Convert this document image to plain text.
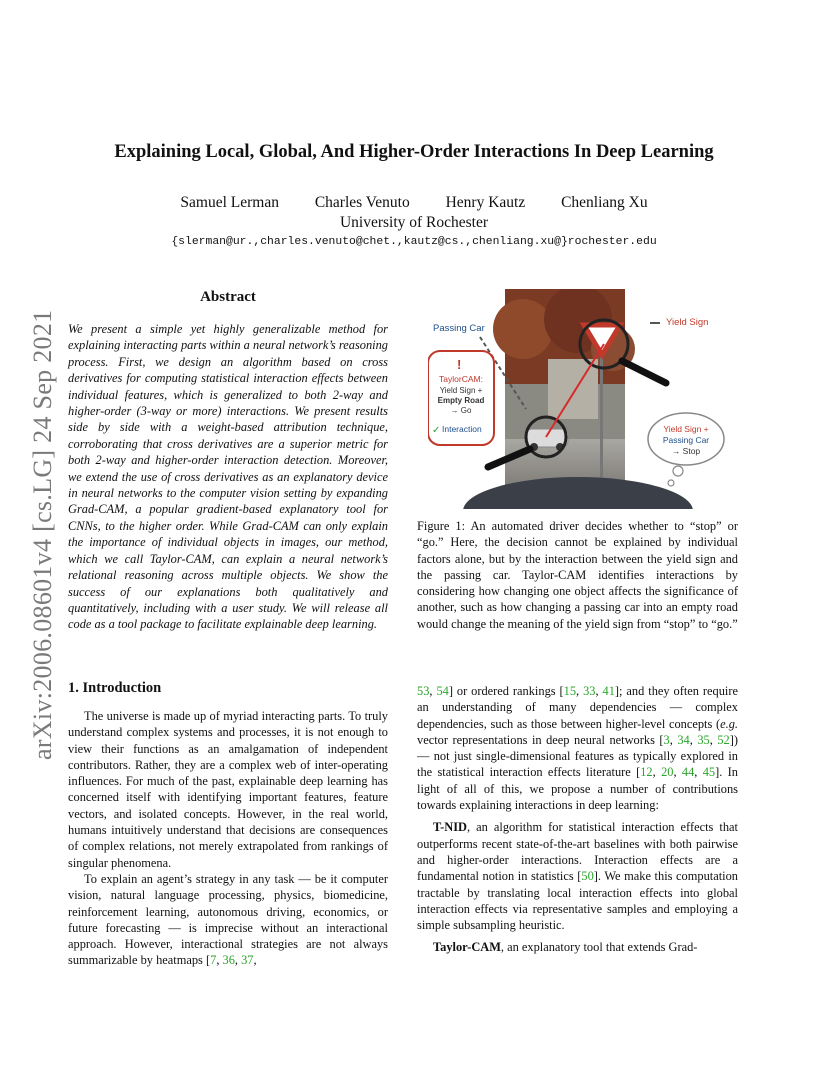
arXiv:2006.08601v4 [cs.LG] 24 Sep 2021
Explaining Local, Global, And Higher-Order Interactions In Deep Learning
Samuel Lerman Charles Venuto Henry Kautz Chenliang Xu
University of Rochester
{slerman@ur.,charles.venuto@chet.,kautz@cs.,chenliang.xu@}rochester.edu
Abstract
We present a simple yet highly generalizable method for explaining interacting parts within a neural network’s reasoning process. First, we design an algorithm based on cross derivatives for computing statistical interaction effects between individual features, which is generalized to both 2-way and higher-order (3-way or more) interactions. We present results side by side with a weight-based attribution technique, corroborating that cross derivatives are a superior metric for both 2-way and higher-order interaction detection. Moreover, we extend the use of cross derivatives as an explanatory device in neural networks to the computer vision setting by expanding Grad-CAM, a popular gradient-based explanatory tool for CNNs, to the higher order. While Grad-CAM can only explain the importance of individual objects in images, our method, which we call Taylor-CAM, can explain a neural network’s relational reasoning across multiple objects. We show the success of our explanations both qualitatively and quantitatively, including with a user study. We will release all code as a tool package to facilitate explainable deep learning.
Passing Car
Yield Sign
!
TaylorCAM:
Yield Sign +
Empty Road
→ Go
✓ Interaction	Yield Sign +
Passing Car
→ Stop
Figure 1: An automated driver decides whether to “stop” or “go.” Here, the decision cannot be explained by individual factors alone, but by the interaction between the yield sign and the passing car. Taylor-CAM identifies interactions by considering how changing one object affects the significance of another, such as how changing a passing car into an empty road would change the meaning of the yield sign from “stop” to “go.”
1. Introduction

The universe is made up of myriad interacting parts. To truly understand complex systems and processes, it is not enough to view their functions as an amalgamation of independent contributors. Rather, they are a complex web of inter-operating influences. For much of the past, explainable deep learning has concerned itself with identifying important features, feature vectors, and isolated concepts. However, in the real world, humans intuitively understand that decisions are consequences of complex relations, not merely extrapolated from rankings of singular phenomena.

To explain an agent’s strategy in any task — be it computer vision, natural language processing, physics, biomedicine, reinforcement learning, autonomous driving, economics, or future forecasting — is imprecise without an interactional approach. However, interactional strategies are not always summarizable by heatmaps [7, 36, 37,

53, 54] or ordered rankings [15, 33, 41]; and they often require an understanding of many dependencies — complex dependencies, such as those between higher-level concepts (e.g. vector representations in deep neural networks [3, 34, 35, 52]) — not just single-dimensional features as typically explored in the statistical interaction effects literature [12, 20, 44, 45]. In light of all of this, we propose a number of contributions towards explaining interactions in deep learning:

T-NID, an algorithm for statistical interaction effects that outperforms recent state-of-the-art baselines with both pairwise and higher-order interactions. Interaction effects are a fundamental notion in statistics [50]. We make this computation tractable by translating local interaction effects into global interaction effects via representative samples and employing a simple subsampling heuristic.

Taylor-CAM, an explanatory tool that extends Grad-
